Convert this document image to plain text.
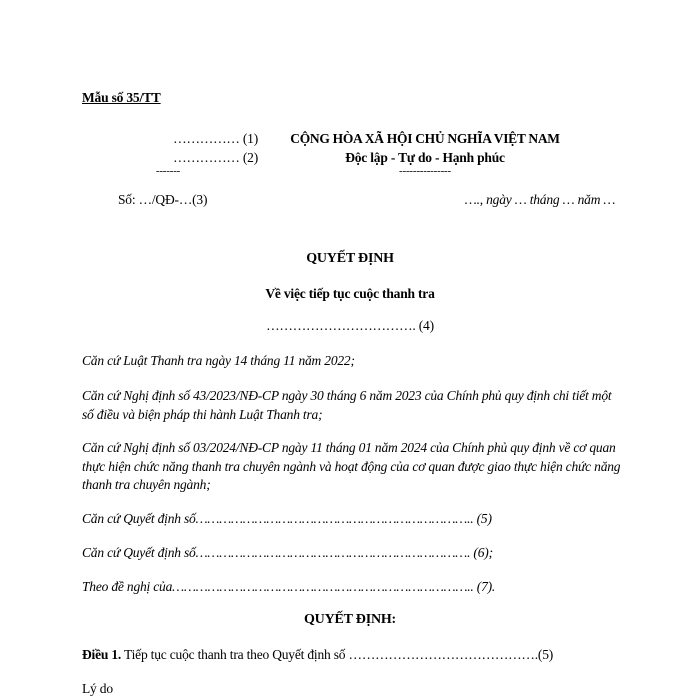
Mẫu số 35/TT
…………… (1)
…………… (2)
-------
Số: …/QĐ-…(3)
CỘNG HÒA XÃ HỘI CHỦ NGHĨA VIỆT NAM
Độc lập - Tự do - Hạnh phúc
---------------
…., ngày … tháng … năm …
QUYẾT ĐỊNH
Về việc tiếp tục cuộc thanh tra
……………………………. (4)
Căn cứ Luật Thanh tra ngày 14 tháng 11 năm 2022;
Căn cứ Nghị định số 43/2023/NĐ-CP ngày 30 tháng 6 năm 2023 của Chính phủ quy định chi tiết một số điều và biện pháp thi hành Luật Thanh tra;
Căn cứ Nghị định số 03/2024/NĐ-CP ngày 11 tháng 01 năm 2024 của Chính phủ quy định về cơ quan thực hiện chức năng thanh tra chuyên ngành và hoạt động của cơ quan được giao thực hiện chức năng thanh tra chuyên ngành;
Căn cứ Quyết định số…………………………………………………………….. (5)
Căn cứ Quyết định số……………………………………………………………. (6);
Theo đề nghị của………………………………………………………………….. (7).
QUYẾT ĐỊNH:
Điều 1. Tiếp tục cuộc thanh tra theo Quyết định số …………………………………….(5)
Lý do
